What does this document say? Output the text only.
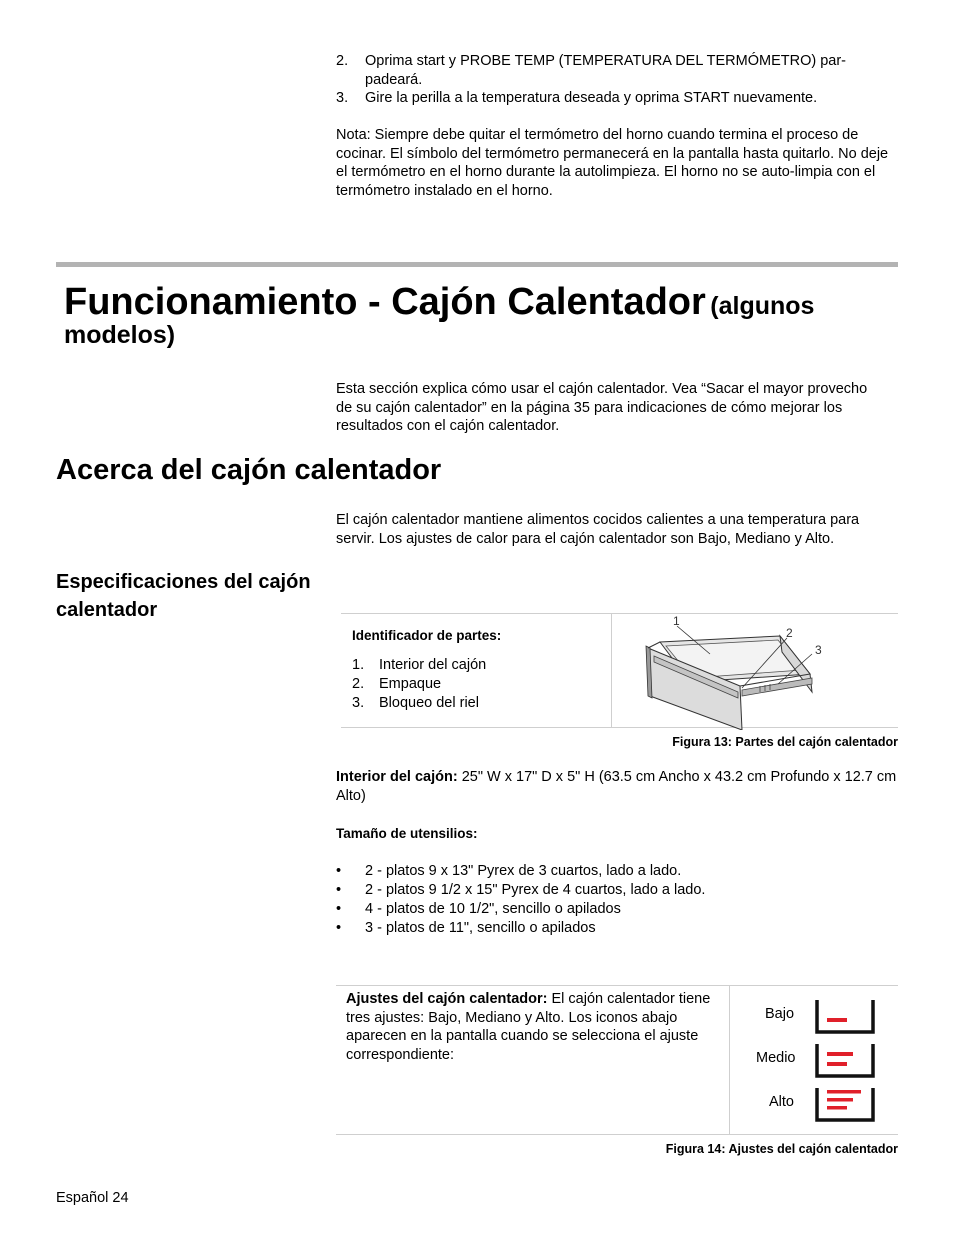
2. Oprima start y PROBE TEMP (TEMPERATURA DEL TERMÓMETRO) par-padeará.
3. Gire la perilla a la temperatura deseada y oprima START nuevamente.
Nota: Siempre debe quitar el termómetro del horno cuando termina el proceso de cocinar. El símbolo del termómetro permanecerá en la pantalla hasta quitarlo. No deje el termómetro en el horno durante la autolimpieza. El horno no se auto-limpia con el termómetro instalado en el horno.
Funcionamiento - Cajón Calentador (algunos
modelos)
Esta sección explica cómo usar el cajón calentador. Vea “Sacar el mayor provecho de su cajón calentador” en la página 35 para indicaciones de cómo mejorar los resultados con el cajón calentador.
Acerca del cajón calentador
El cajón calentador mantiene alimentos cocidos calientes a una temperatura para servir. Los ajustes de calor para el cajón calentador son Bajo, Mediano y Alto.
Especificaciones del cajón calentador
Identificador de partes:
1. Interior del cajón
2. Empaque
3. Bloqueo del riel
1
2
3
Figura 13: Partes del cajón calentador
Interior del cajón: 25" W x 17" D x 5" H (63.5 cm Ancho x 43.2 cm Profundo x 12.7 cm Alto)
Tamaño de utensilios:
• 2 - platos 9 x 13" Pyrex de 3 cuartos, lado a lado.
• 2 - platos 9 1/2 x 15" Pyrex de 4 cuartos, lado a lado.
• 4 - platos de 10 1/2", sencillo o apilados
• 3 - platos de 11", sencillo o apilados
Ajustes del cajón calentador: El cajón calentador tiene tres ajustes: Bajo, Mediano y Alto. Los iconos abajo aparecen en la pantalla cuando se selecciona el ajuste correspondiente:
Bajo
Medio
Alto
Figura 14: Ajustes del cajón calentador
Español 24
